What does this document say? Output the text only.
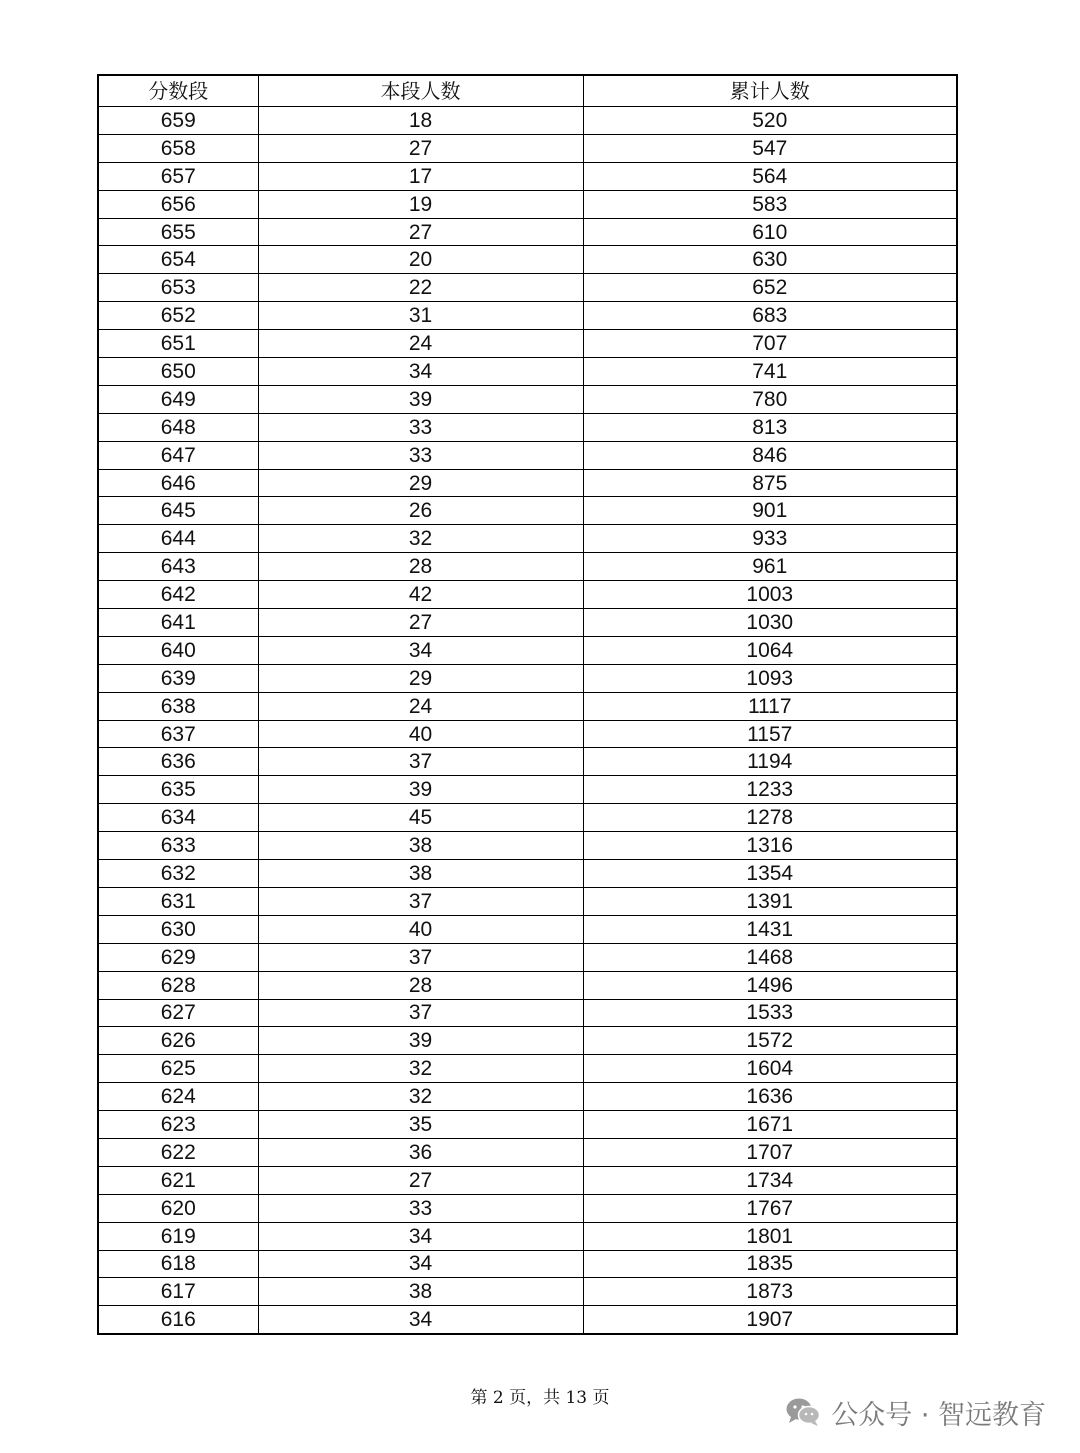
分数段	本段人数	累计人数
659	18	520
658	27	547
657	17	564
656	19	583
655	27	610
654	20	630
653	22	652
652	31	683
651	24	707
650	34	741
649	39	780
648	33	813
647	33	846
646	29	875
645	26	901
644	32	933
643	28	961
642	42	1003
641	27	1030
640	34	1064
639	29	1093
638	24	1117
637	40	1157
636	37	1194
635	39	1233
634	45	1278
633	38	1316
632	38	1354
631	37	1391
630	40	1431
629	37	1468
628	28	1496
627	37	1533
626	39	1572
625	32	1604
624	32	1636
623	35	1671
622	36	1707
621	27	1734
620	33	1767
619	34	1801
618	34	1835
617	38	1873
616	34	1907
第 2 页，共 13 页
公众号 · 智远教育
